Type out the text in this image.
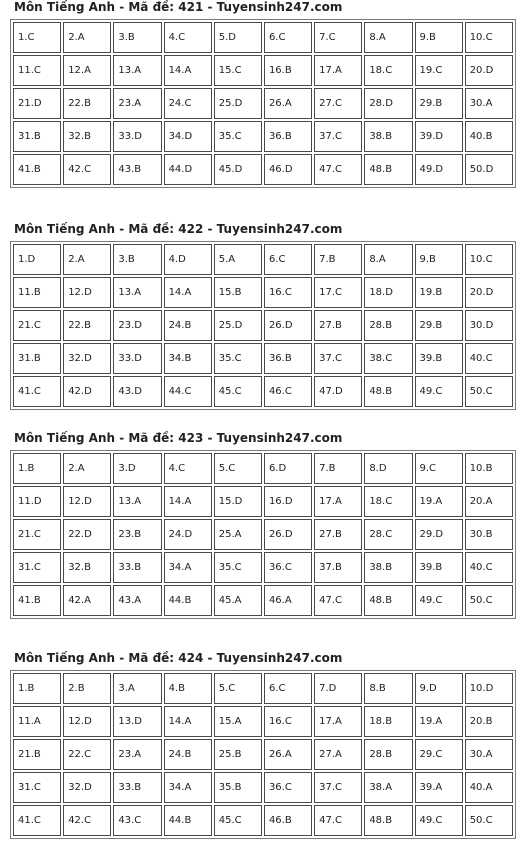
Môn Tiếng Anh - Mã đề: 421 - Tuyensinh247.com
1.C	2.A	3.B	4.C	5.D	6.C	7.C	8.A	9.B	10.C
11.C	12.A	13.A	14.A	15.C	16.B	17.A	18.C	19.C	20.D
21.D	22.B	23.A	24.C	25.D	26.A	27.C	28.D	29.B	30.A
31.B	32.B	33.D	34.D	35.C	36.B	37.C	38.B	39.D	40.B
41.B	42.C	43.B	44.D	45.D	46.D	47.C	48.B	49.D	50.D
Môn Tiếng Anh - Mã đề: 422 - Tuyensinh247.com
1.D	2.A	3.B	4.D	5.A	6.C	7.B	8.A	9.B	10.C
11.B	12.D	13.A	14.A	15.B	16.C	17.C	18.D	19.B	20.D
21.C	22.B	23.D	24.B	25.D	26.D	27.B	28.B	29.B	30.D
31.B	32.D	33.D	34.B	35.C	36.B	37.C	38.C	39.B	40.C
41.C	42.D	43.D	44.C	45.C	46.C	47.D	48.B	49.C	50.C
Môn Tiếng Anh - Mã đề: 423 - Tuyensinh247.com
1.B	2.A	3.D	4.C	5.C	6.D	7.B	8.D	9.C	10.B
11.D	12.D	13.A	14.A	15.D	16.D	17.A	18.C	19.A	20.A
21.C	22.D	23.B	24.D	25.A	26.D	27.B	28.C	29.D	30.B
31.C	32.B	33.B	34.A	35.C	36.C	37.B	38.B	39.B	40.C
41.B	42.A	43.A	44.B	45.A	46.A	47.C	48.B	49.C	50.C
Môn Tiếng Anh - Mã đề: 424 - Tuyensinh247.com
1.B	2.B	3.A	4.B	5.C	6.C	7.D	8.B	9.D	10.D
11.A	12.D	13.D	14.A	15.A	16.C	17.A	18.B	19.A	20.B
21.B	22.C	23.A	24.B	25.B	26.A	27.A	28.B	29.C	30.A
31.C	32.D	33.B	34.A	35.B	36.C	37.C	38.A	39.A	40.A
41.C	42.C	43.C	44.B	45.C	46.B	47.C	48.B	49.C	50.C
